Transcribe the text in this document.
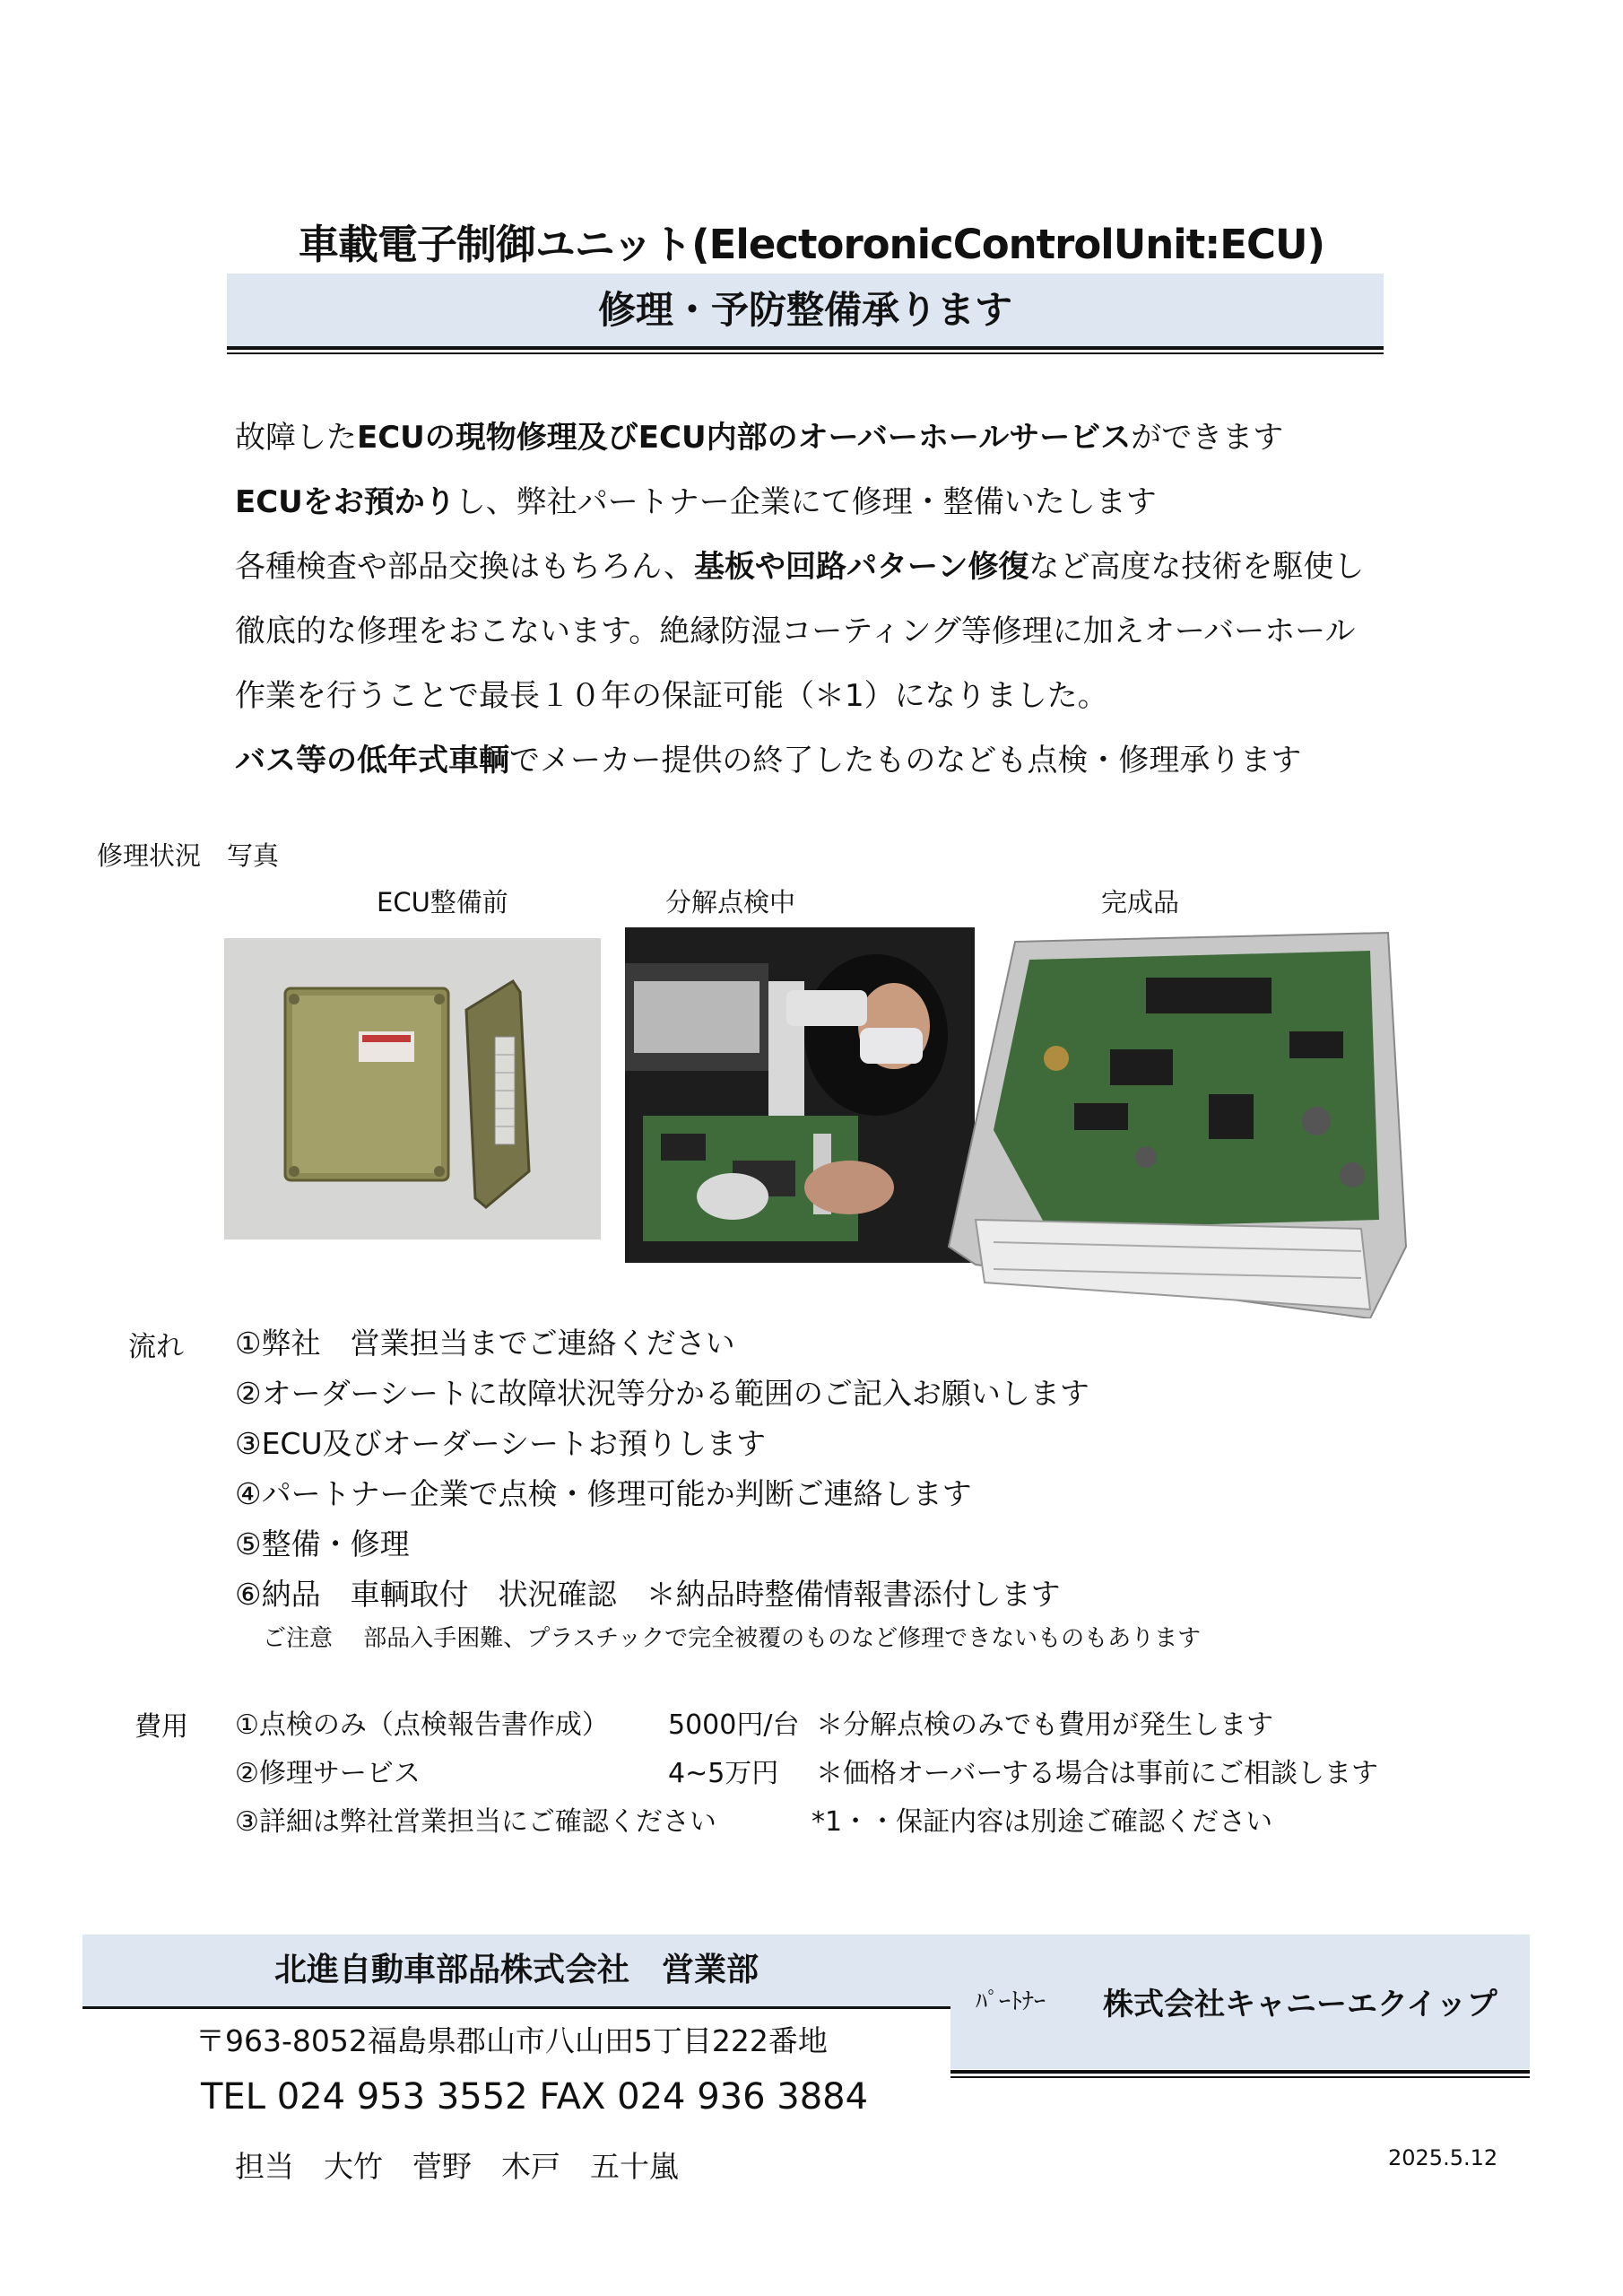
車載電子制御ユニット(ElectoronicControlUnit:ECU)
修理・予防整備承ります

故障したECUの現物修理及びECU内部のオーバーホールサービスができます

ECUをお預かりし、弊社パートナー企業にて修理・整備いたします

各種検査や部品交換はもちろん、基板や回路パターン修復など高度な技術を駆使し

徹底的な修理をおこないます。絶縁防湿コーティング等修理に加えオーバーホール

作業を行うことで最長１０年の保証可能（＊1）になりました。

バス等の低年式車輌でメーカー提供の終了したものなども点検・修理承ります

修理状況　写真
ECU整備前	分解点検中	完成品
流れ ①弊社　営業担当までご連絡ください

②オーダーシートに故障状況等分かる範囲のご記入お願いします

③ECU及びオーダーシートお預りします

④パートナー企業で点検・修理可能か判断ご連絡します

⑤整備・修理

⑥納品　車輌取付　状況確認　＊納品時整備情報書添付します

ご注意　 部品入手困難、プラスチックで完全被覆のものなど修理できないものもあります
費用 ①点検のみ（点検報告書作成） 5000円/台 ＊分解点検のみでも費用が発生します
②修理サービス	4~5万円 ＊価格オーバーする場合は事前にご相談します
③詳細は弊社営業担当にご確認ください	*1・・保証内容は別途ご確認ください
北進自動車部品株式会社　営業部
ﾊﾟｰﾄﾅｰ 株式会社キャニーエクイップ
〒963-8052福島県郡山市八山田5丁目222番地
TEL 024 953 3552 FAX 024 936 3884
担当　大竹　菅野　木戸　五十嵐	2025.5.12
